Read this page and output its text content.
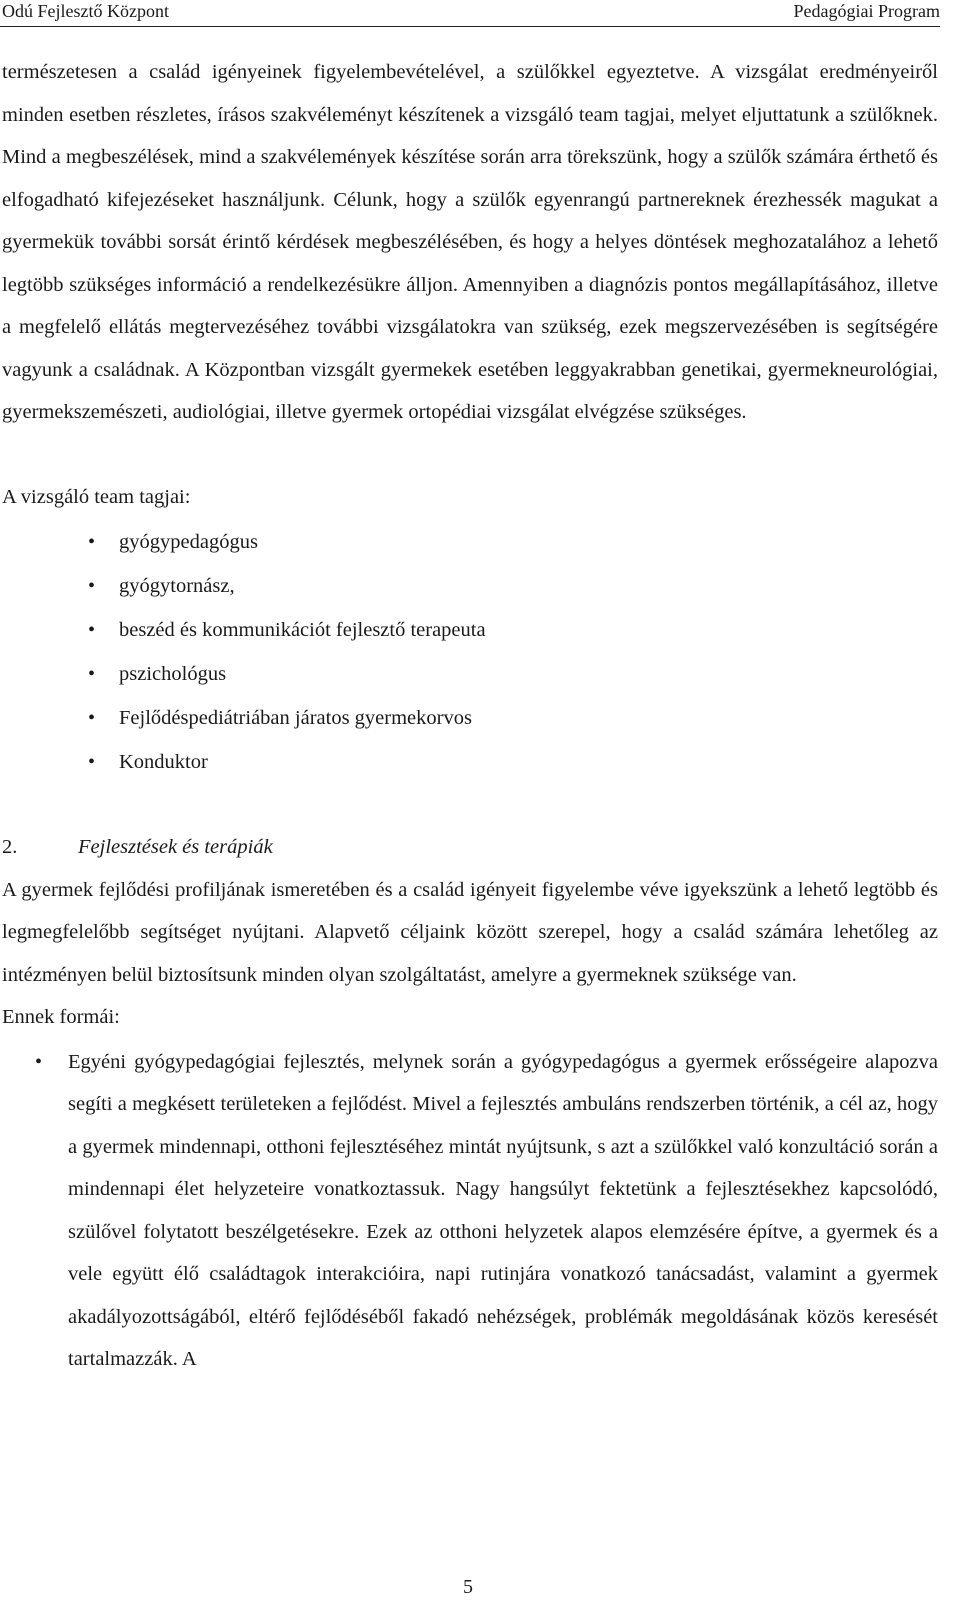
Odú Fejlesztő Központ	Pedagógiai Program

természetesen a család igényeinek figyelembevételével, a szülőkkel egyeztetve. A vizsgálat eredményeiről minden esetben részletes, írásos szakvéleményt készítenek a vizsgáló team tagjai, melyet eljuttatunk a szülőknek. Mind a megbeszélések, mind a szakvélemények készítése során arra törekszünk, hogy a szülők számára érthető és elfogadható kifejezéseket használjunk. Célunk, hogy a szülők egyenrangú partnereknek érezhessék magukat a gyermekük további sorsát érintő kérdések megbeszélésében, és hogy a helyes döntések meghozatalához a lehető legtöbb szükséges információ a rendelkezésükre álljon. Amennyiben a diagnózis pontos megállapításához, illetve a megfelelő ellátás megtervezéséhez további vizsgálatokra van szükség, ezek megszervezésében is segítségére vagyunk a családnak. A Központban vizsgált gyermekek esetében leggyakrabban genetikai, gyermekneurológiai, gyermekszemészeti, audiológiai, illetve gyermek ortopédiai vizsgálat elvégzése szükséges.

A vizsgáló team tagjai:

• gyógypedagógus
• gyógytornász,
• beszéd és kommunikációt fejlesztő terapeuta
• pszichológus
• Fejlődéspediátriában járatos gyermekorvos
• Konduktor

2.	Fejlesztések és terápiák

A gyermek fejlődési profiljának ismeretében és a család igényeit figyelembe véve igyekszünk a lehető legtöbb és legmegfelelőbb segítséget nyújtani. Alapvető céljaink között szerepel, hogy a család számára lehetőleg az intézményen belül biztosítsunk minden olyan szolgáltatást, amelyre a gyermeknek szüksége van.

Ennek formái:

• Egyéni gyógypedagógiai fejlesztés, melynek során a gyógypedagógus a gyermek erősségeire alapozva segíti a megkésett területeken a fejlődést. Mivel a fejlesztés ambuláns rendszerben történik, a cél az, hogy a gyermek mindennapi, otthoni fejlesztéséhez mintát nyújtsunk, s azt a szülőkkel való konzultáció során a mindennapi élet helyzeteire vonatkoztassuk. Nagy hangsúlyt fektetünk a fejlesztésekhez kapcsolódó, szülővel folytatott beszélgetésekre. Ezek az otthoni helyzetek alapos elemzésére építve, a gyermek és a vele együtt élő családtagok interakcióira, napi rutinjára vonatkozó tanácsadást, valamint a gyermek akadályozottságából, eltérő fejlődéséből fakadó nehézségek, problémák megoldásának közös keresését tartalmazzák. A
5
